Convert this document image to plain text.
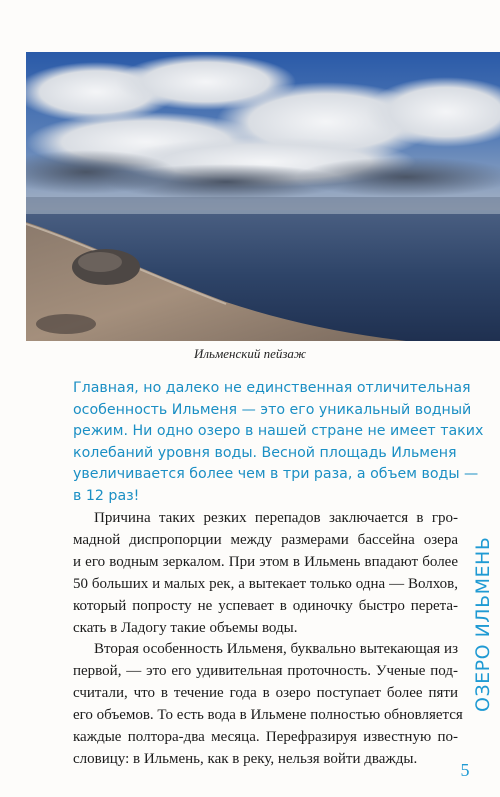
Ильменский пейзаж
Главная, но далеко не единственная отличительная
особенность Ильменя — это его уникальный водный
режим. Ни одно озеро в нашей стране не имеет таких
колебаний уровня воды. Весной площадь Ильменя
увеличивается более чем в три раза, а объем воды —
в 12 раз!

Причина таких резких перепадов заключается в гро-
мадной диспропорции между размерами бассейна озера
и его водным зеркалом. При этом в Ильмень впадают более
50 больших и малых рек, а вытекает только одна — Волхов,
который попросту не успевает в одиночку быстро перета-
скать в Ладогу такие объемы воды.

Вторая особенность Ильменя, буквально вытекающая из
первой, — это его удивительная проточность. Ученые под-
считали, что в течение года в озеро поступает более пяти
его объемов. То есть вода в Ильмене полностью обновляется
каждые полтора-два месяца. Перефразируя известную по-
словицу: в Ильмень, как в реку, нельзя войти дважды.

ОЗЕРО ИЛЬМЕНЬ
5
